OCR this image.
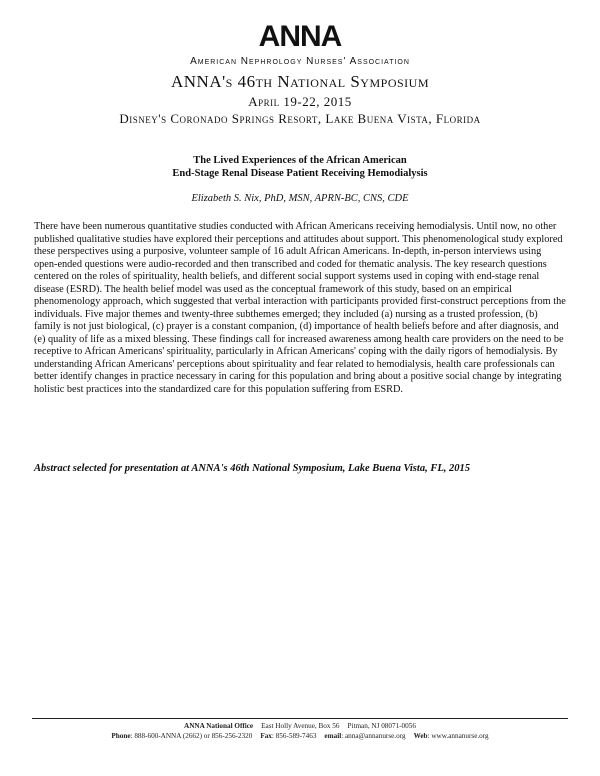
ANNA
American Nephrology Nurses' Association
ANNA's 46th National Symposium
April 19-22, 2015
Disney's Coronado Springs Resort, Lake Buena Vista, Florida
The Lived Experiences of the African American
End-Stage Renal Disease Patient Receiving Hemodialysis
Elizabeth S. Nix, PhD, MSN, APRN-BC, CNS, CDE

There have been numerous quantitative studies conducted with African Americans receiving hemodialysis. Until now, no other published qualitative studies have explored their perceptions and attitudes about support. This phenomenological study explored these perspectives using a purposive, volunteer sample of 16 adult African Americans. In-depth, in-person interviews using open-ended questions were audio-recorded and then transcribed and coded for thematic analysis. The key research questions centered on the roles of spirituality, health beliefs, and different social support systems used in coping with end-stage renal disease (ESRD). The health belief model was used as the conceptual framework of this study, based on an empirical phenomenology approach, which suggested that verbal interaction with participants provided first-construct perceptions from the individuals. Five major themes and twenty-three subthemes emerged; they included (a) nursing as a trusted profession, (b) family is not just biological, (c) prayer is a constant companion, (d) importance of health beliefs before and after diagnosis, and (e) quality of life as a mixed blessing. These findings call for increased awareness among health care providers on the need to be receptive to African Americans' spirituality, particularly in African Americans' coping with the daily rigors of hemodialysis. By understanding African Americans' perceptions about spirituality and fear related to hemodialysis, health care professionals can better identify changes in practice necessary in caring for this population and bring about a positive social change by integrating holistic best practices into the standardized care for this population suffering from ESRD.

Abstract selected for presentation at ANNA's 46th National Symposium, Lake Buena Vista, FL, 2015
ANNA National Office East Holly Avenue, Box 56 Pitman, NJ 08071-0056
Phone: 888-600-ANNA (2662) or 856-256-2320 Fax: 856-589-7463 email: anna@annanurse.org Web: www.annanurse.org
